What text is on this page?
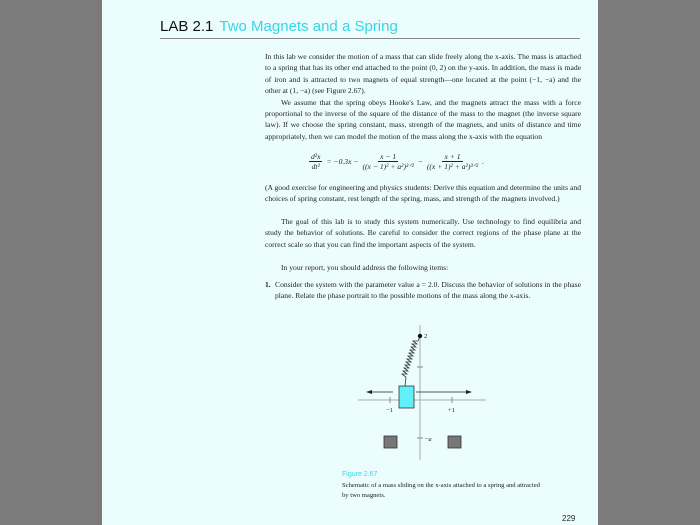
LAB 2.1 Two Magnets and a Spring
In this lab we consider the motion of a mass that can slide freely along the x-axis. The mass is attached to a spring that has its other end attached to the point (0, 2) on the y-axis. In addition, the mass is made of iron and is attracted to two magnets of equal strength—one located at the point (−1, −a) and the other at (1, −a) (see Figure 2.67).
We assume that the spring obeys Hooke's Law, and the magnets attract the mass with a force proportional to the inverse of the square of the distance of the mass to the magnet (the inverse square law). If we choose the spring constant, mass, strength of the magnets, and units of distance and time appropriately, then we can model the motion of the mass along the x-axis with the equation
$\frac{\text{d²x}}{\text{dt²}} = -0.3x - \frac{x - 1}{\text{((x − 1)² + a²)³ᐟ²}} - \frac{x + 1}{\text{((x + 1)² + a²)³ᐟ²}}$ .
(A good exercise for engineering and physics students: Derive this equation and determine the units and choices of spring constant, rest length of the spring, mass, and strength of the magnets involved.)
The goal of this lab is to study this system numerically. Use technology to find equilibria and study the behavior of solutions. Be careful to consider the correct regions of the phase plane at the correct scale so that you can find the important aspects of the system.
In your report, you should address the following items:
1. Consider the system with the parameter value a = 2.0. Discuss the behavior of solutions in the phase plane. Relate the phase portrait to the possible motions of the mass along the x-axis.
2
−1	+1
−a
Figure 2.67
Schematic of a mass sliding on the x-axis attached to a spring and attracted by two magnets.
229
